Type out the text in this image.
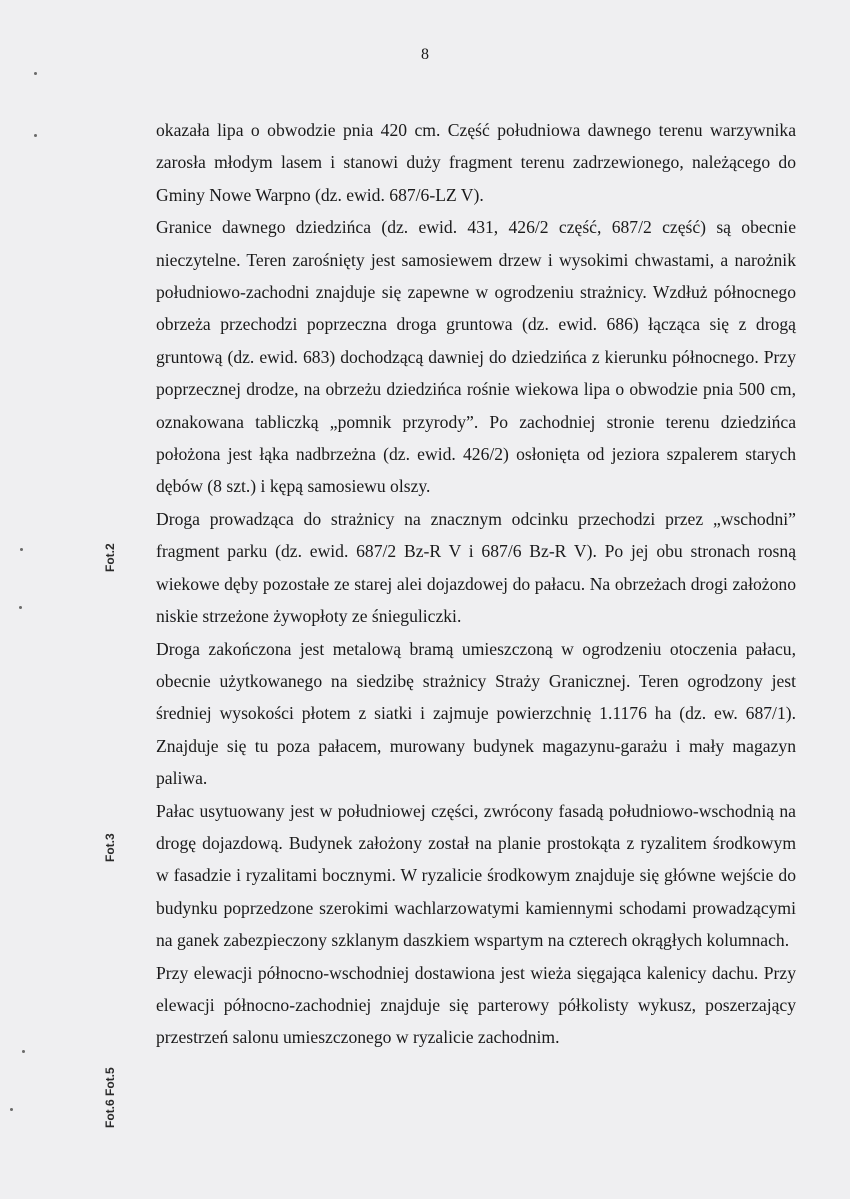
8

okazała lipa o obwodzie pnia 420 cm. Część południowa dawnego terenu warzywnika zarosła młodym lasem i stanowi duży fragment terenu zadrzewionego, należącego do Gminy Nowe Warpno (dz. ewid. 687/6-LZ V).

Granice dawnego dziedzińca (dz. ewid. 431, 426/2 część, 687/2 część) są obecnie nieczytelne. Teren zarośnięty jest samosiewem drzew i wysokimi chwastami, a narożnik południowo-zachodni znajduje się zapewne w ogrodzeniu strażnicy. Wzdłuż północnego obrzeża przechodzi poprzeczna droga gruntowa (dz. ewid. 686) łącząca się z drogą gruntową (dz. ewid. 683) dochodzącą dawniej do dziedzińca z kierunku północnego. Przy poprzecznej drodze, na obrzeżu dziedzińca rośnie wiekowa lipa o obwodzie pnia 500 cm, oznakowana tabliczką „pomnik przyrody”. Po zachodniej stronie terenu dziedzińca położona jest łąka nadbrzeżna (dz. ewid. 426/2) osłonięta od jeziora szpalerem starych dębów (8 szt.) i kępą samosiewu olszy.

Droga prowadząca do strażnicy na znacznym odcinku przechodzi przez „wschodni” fragment parku (dz. ewid. 687/2 Bz-R V i 687/6 Bz-R V). Po jej obu stronach rosną wiekowe dęby pozostałe ze starej alei dojazdowej do pałacu. Na obrzeżach drogi założono niskie strzeżone żywopłoty ze śnieguliczki.

Droga zakończona jest metalową bramą umieszczoną w ogrodzeniu otoczenia pałacu, obecnie użytkowanego na siedzibę strażnicy Straży Granicznej. Teren ogrodzony jest średniej wysokości płotem z siatki i zajmuje powierzchnię 1.1176 ha (dz. ew. 687/1). Znajduje się tu poza pałacem, murowany budynek magazynu-garażu i mały magazyn paliwa.

Pałac usytuowany jest w południowej części, zwrócony fasadą południowo-wschodnią na drogę dojazdową. Budynek założony został na planie prostokąta z ryzalitem środkowym w fasadzie i ryzalitami bocznymi. W ryzalicie środkowym znajduje się główne wejście do budynku poprzedzone szerokimi wachlarzowatymi kamiennymi schodami prowadzącymi na ganek zabezpieczony szklanym daszkiem wspartym na czterech okrągłych kolumnach.

Przy elewacji północno-wschodniej dostawiona jest wieża sięgająca kalenicy dachu. Przy elewacji północno-zachodniej znajduje się parterowy półkolisty wykusz, poszerzający przestrzeń salonu umieszczonego w ryzalicie zachodnim.

Fot.2
Fot.3
Fot.6 Fot.5
